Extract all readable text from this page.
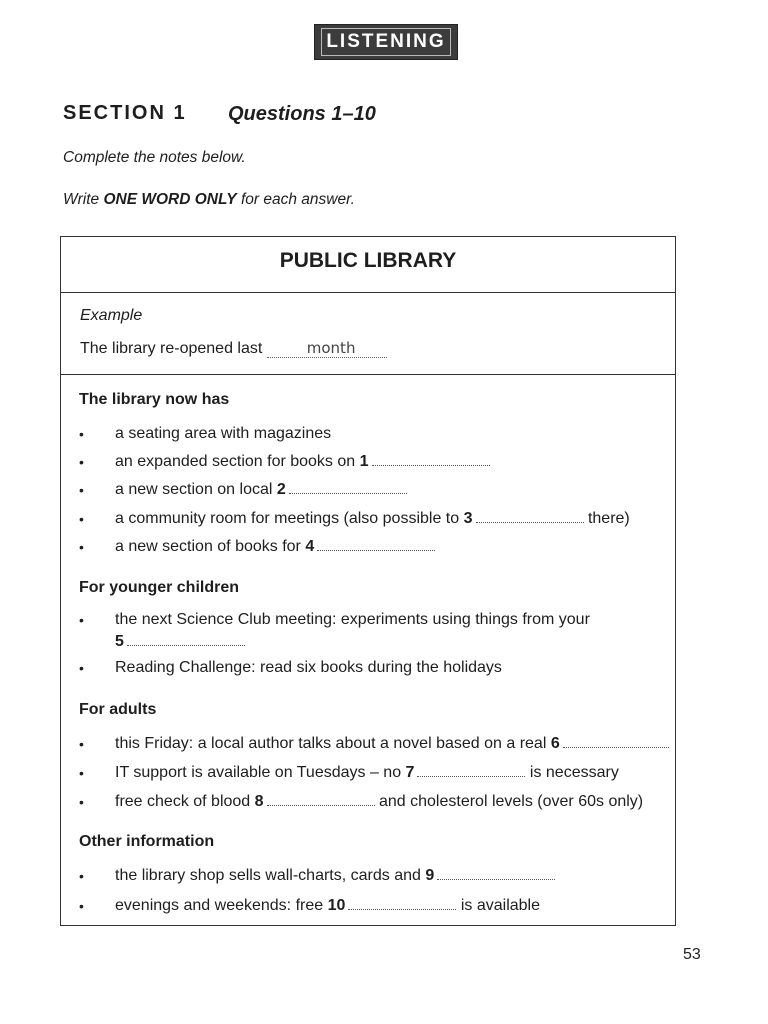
LISTENING
SECTION 1 Questions 1–10
Complete the notes below.
Write ONE WORD ONLY for each answer.
PUBLIC LIBRARY
Example
The library re-opened last	month
The library now has
• a seating area with magazines
• an expanded section for books on 1
• a new section on local 2
• a community room for meetings (also possible to 3	there)
• a new section of books for 4
For younger children
• the next Science Club meeting: experiments using things from your
5
• Reading Challenge: read six books during the holidays
For adults
• this Friday: a local author talks about a novel based on a real 6
• IT support is available on Tuesdays – no 7	is necessary
• free check of blood 8	and cholesterol levels (over 60s only)
Other information
• the library shop sells wall-charts, cards and 9
• evenings and weekends: free 10	is available
53
